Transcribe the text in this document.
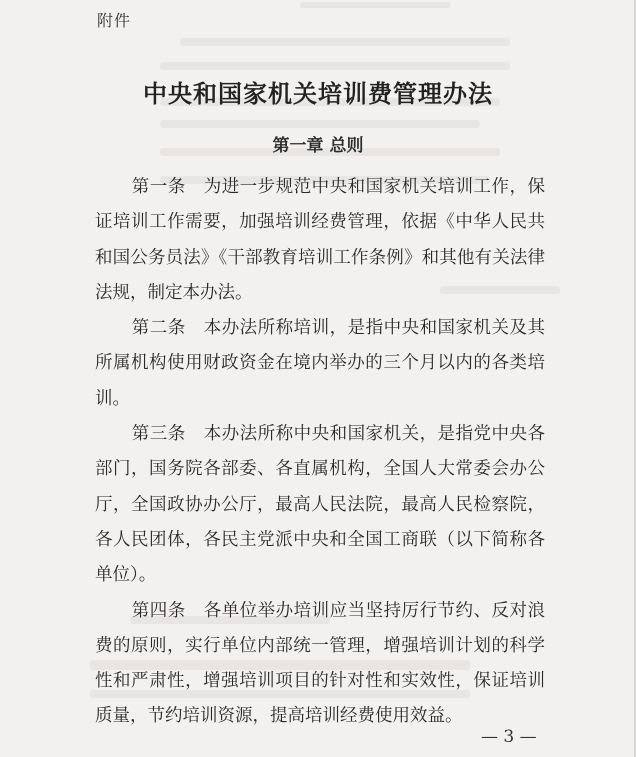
附件
中央和国家机关培训费管理办法
第一章 总则

第一条　为进一步规范中央和国家机关培训工作，保证培训工作需要，加强培训经费管理，依据《中华人民共和国公务员法》《干部教育培训工作条例》和其他有关法律法规，制定本办法。

第二条　本办法所称培训，是指中央和国家机关及其所属机构使用财政资金在境内举办的三个月以内的各类培训。

第三条　本办法所称中央和国家机关，是指党中央各部门，国务院各部委、各直属机构，全国人大常委会办公厅，全国政协办公厅，最高人民法院，最高人民检察院，各人民团体，各民主党派中央和全国工商联（以下简称各单位）。

第四条　各单位举办培训应当坚持厉行节约、反对浪费的原则，实行单位内部统一管理，增强培训计划的科学性和严肃性，增强培训项目的针对性和实效性，保证培训质量，节约培训资源，提高培训经费使用效益。

— 3 —
